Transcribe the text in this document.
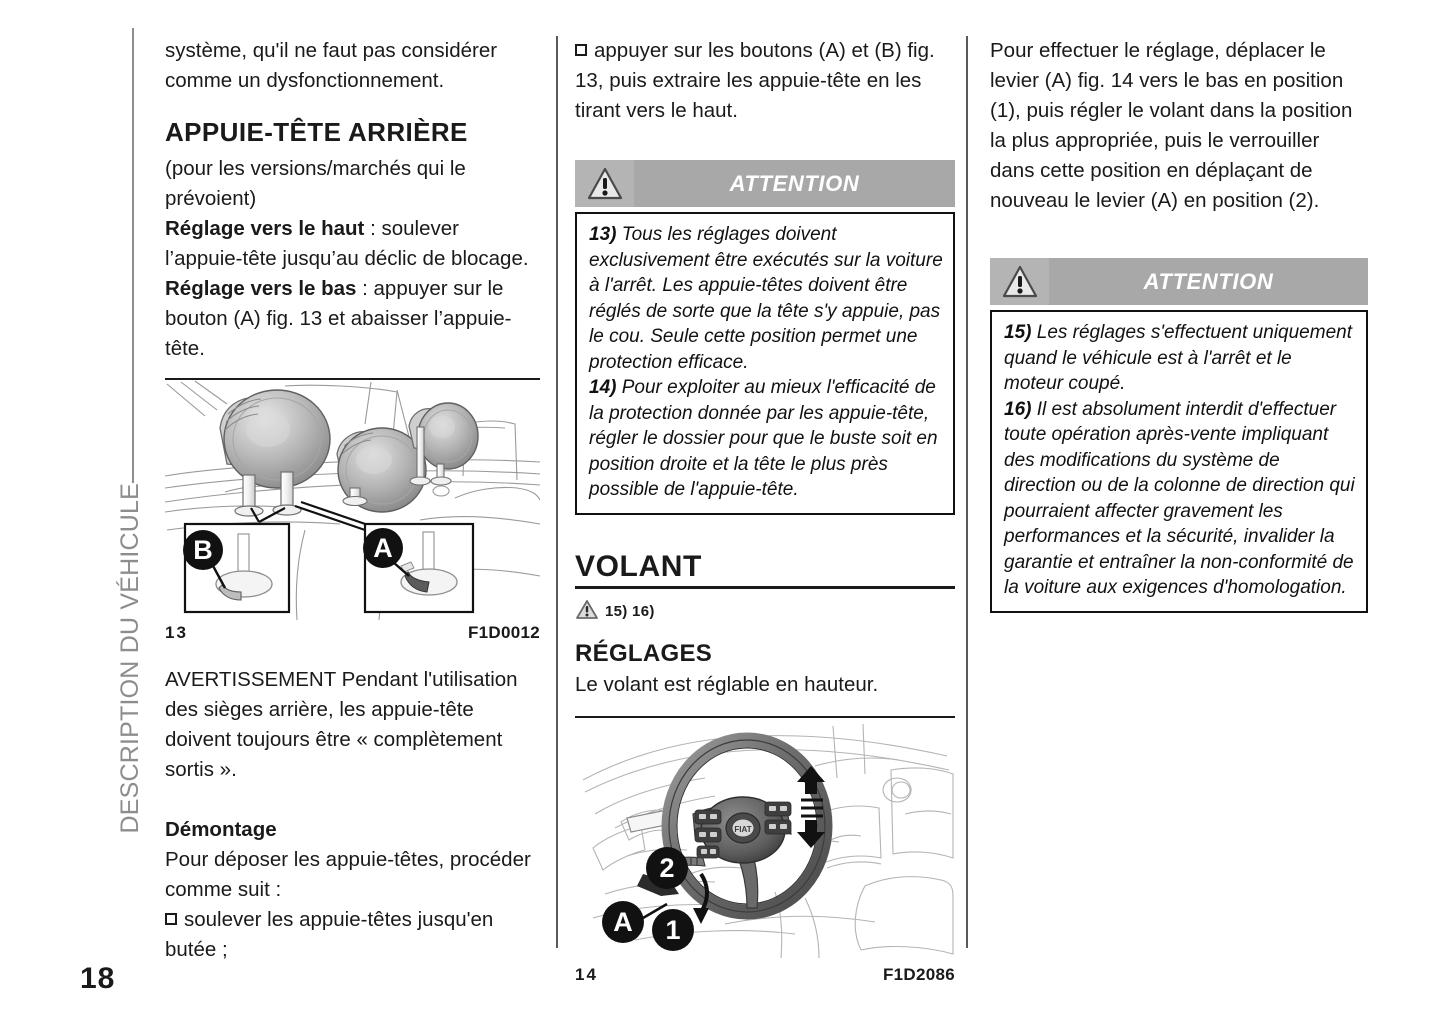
DESCRIPTION DU VÉHICULE

système, qu'il ne faut pas considérer comme un dysfonctionnement.

APPUIE-TÊTE ARRIÈRE

(pour les versions/marchés qui le prévoient)

Réglage vers le haut : soulever l’appuie-tête jusqu’au déclic de blocage.

Réglage vers le bas : appuyer sur le bouton (A) fig. 13 et abaisser l’appuie-tête.

B	A
13	F1D0012

AVERTISSEMENT Pendant l'utilisation des sièges arrière, les appuie-tête doivent toujours être « complètement sortis ».

Démontage

Pour déposer les appuie-têtes, procéder comme suit :

soulever les appuie-têtes jusqu'en butée ;

appuyer sur les boutons (A) et (B) fig. 13, puis extraire les appuie-tête en les tirant vers le haut.

ATTENTION

13) Tous les réglages doivent exclusivement être exécutés sur la voiture à l'arrêt. Les appuie-têtes doivent être réglés de sorte que la tête s'y appuie, pas le cou. Seule cette position permet une protection efficace.

14) Pour exploiter au mieux l'efficacité de la protection donnée par les appuie-tête, régler le dossier pour que le buste soit en position droite et la tête le plus près possible de l'appuie-tête.

VOLANT

15) 16)

RÉGLAGES

Le volant est réglable en hauteur.

FIAT
2
A 1
14	F1D2086

Pour effectuer le réglage, déplacer le levier (A) fig. 14 vers le bas en position (1), puis régler le volant dans la position la plus appropriée, puis le verrouiller dans cette position en déplaçant de nouveau le levier (A) en position (2).

ATTENTION

15) Les réglages s'effectuent uniquement quand le véhicule est à l'arrêt et le moteur coupé.

16) Il est absolument interdit d'effectuer toute opération après-vente impliquant des modifications du système de direction ou de la colonne de direction qui pourraient affecter gravement les performances et la sécurité, invalider la garantie et entraîner la non-conformité de la voiture aux exigences d'homologation.

18
